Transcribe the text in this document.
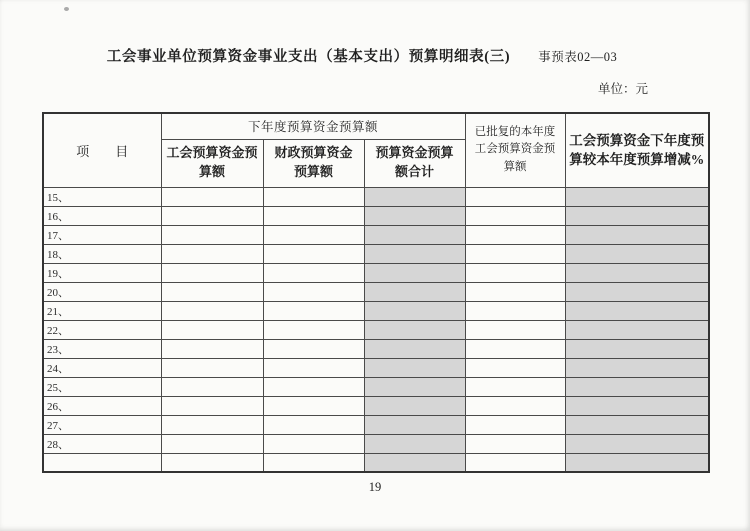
工会事业单位预算资金事业支出（基本支出）预算明细表(三) 事预表02—03
单位：元
项　　目	下年度预算资金预算额			已批复的本年度工会预算资金预算额	工会预算资金下年度预算较本年度预算增减%
	工会预算资金预算额	财政预算资金预算额	预算资金预算额合计		
15、					
16、					
17、					
18、					
19、					
20、					
21、					
22、					
23、					
24、					
25、					
26、					
27、					
28、					

19
